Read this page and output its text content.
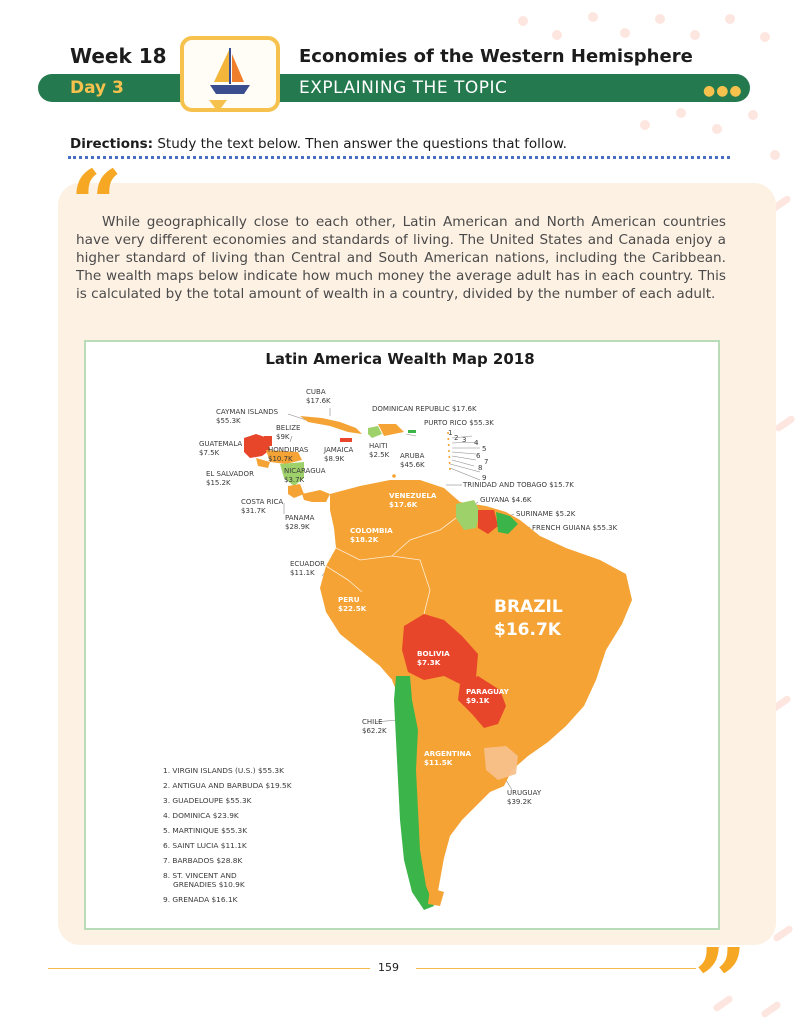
Week 18	Economies of the Western Hemisphere
Day 3	EXPLAINING THE TOPIC	●●●
Directions: Study the text below. Then answer the questions that follow.
“
While geographically close to each other, Latin American and North American countries have very different economies and standards of living. The United States and Canada enjoy a higher standard of living than Central and South American nations, including the Caribbean. The wealth maps below indicate how much money the average adult has in each country. This is calculated by the total amount of wealth in a country, divided by the number of each adult.
Latin America Wealth Map 2018
CUBA
$17.6K
CAYMAN ISLANDS
$55.3K
BELIZE
$9K
GUATEMALA
$7.5K	HONDURAS
$10.7K
JAMAICA
$8.9K
HAITI
$2.5K
DOMINICAN REPUBLIC $17.6K
PURTO RICO $55.3K
ARUBA
$45.6K
EL SALVADOR
$15.2K
NICARAGUA
$3.7K
COSTA RICA
$31.7K
PANAMA
$28.9K
TRINIDAD AND TOBAGO $15.7K
GUYANA $4.6K
SURINAME $5.2K
FRENCH GUIANA $55.3K
1
2 3 4
5
6
7
8
9
VENEZUELA
$17.6K
COLOMBIA
$18.2K
ECUADOR
$11.1K
PERU
$22.5K	BRAZIL
$16.7K
BOLIVIA
$7.3K
PARAGUAY
$9.1K
CHILE
$62.2K
ARGENTINA
$11.5K
URUGUAY
$39.2K
1. VIRGIN ISLANDS (U.S.) $55.3K
2. ANTIGUA AND BARBUDA $19.5K
3. GUADELOUPE $55.3K
4. DOMINICA $23.9K
5. MARTINIQUE $55.3K
6. SAINT LUCIA $11.1K
7. BARBADOS $28.8K
8. ST. VINCENT AND
GRENADIES $10.9K
9. GRENADA $16.1K
159	”
